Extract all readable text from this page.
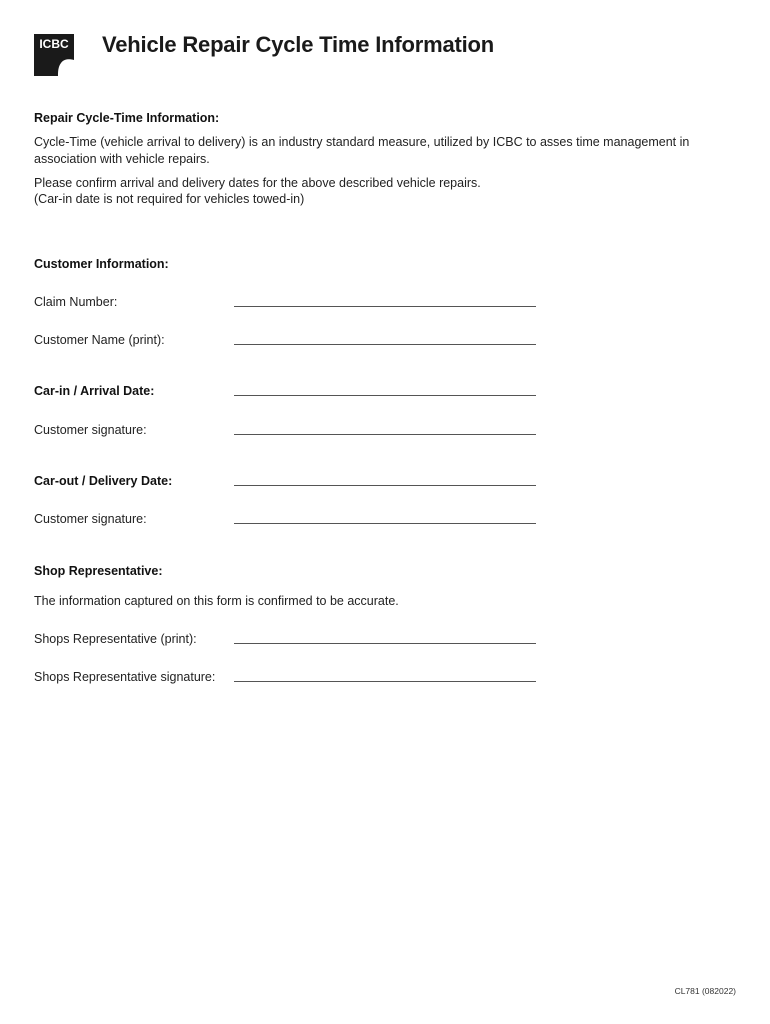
ICBC Vehicle Repair Cycle Time Information
Repair Cycle-Time Information:
Cycle-Time (vehicle arrival to delivery) is an industry standard measure, utilized by ICBC to asses time management in association with vehicle repairs.
Please confirm arrival and delivery dates for the above described vehicle repairs.
(Car-in date is not required for vehicles towed-in)
Customer Information:
Claim Number:
Customer Name (print):
Car-in / Arrival Date:
Customer signature:
Car-out / Delivery Date:
Customer signature:
Shop Representative:
The information captured on this form is confirmed to be accurate.
Shops Representative (print):
Shops Representative signature:
CL781 (082022)
